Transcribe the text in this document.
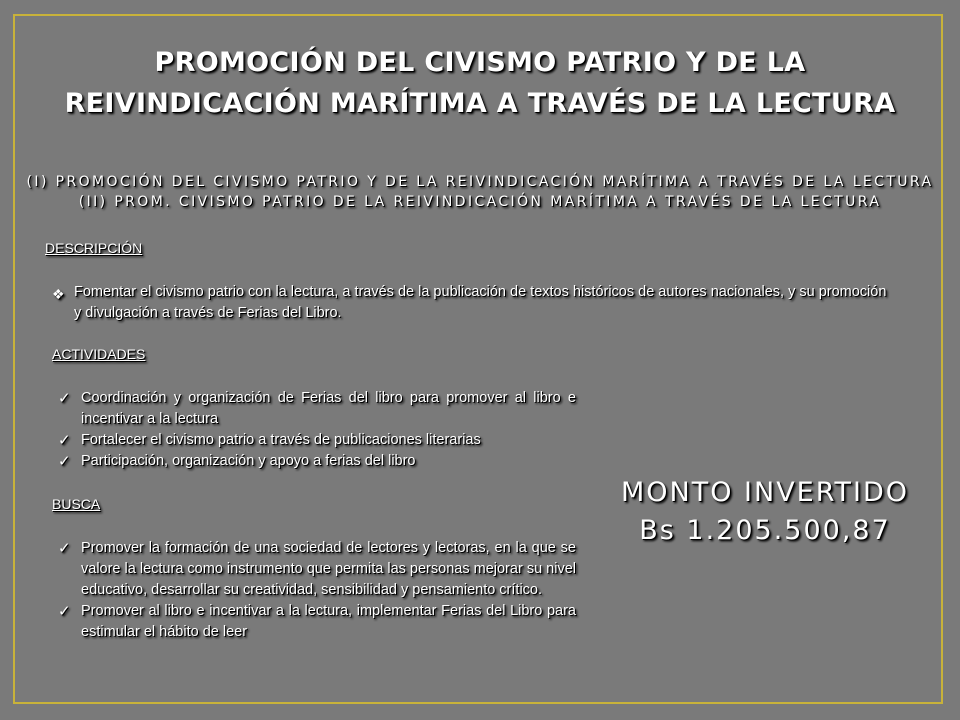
PROMOCIÓN DEL CIVISMO PATRIO Y DE LA
REIVINDICACIÓN MARÍTIMA A TRAVÉS DE LA LECTURA
(I) PROMOCIÓN DEL CIVISMO PATRIO Y DE LA REIVINDICACIÓN MARÍTIMA A TRAVÉS DE LA LECTURA
(II) PROM. CIVISMO PATRIO DE LA REIVINDICACIÓN MARÍTIMA A TRAVÉS DE LA LECTURA
DESCRIPCIÓN
❖ Fomentar el civismo patrio con la lectura, a través de la publicación de textos históricos de autores nacionales, y su promoción y divulgación a través de Ferias del Libro.
ACTIVIDADES
✓ Coordinación y organización de Ferias del libro para promover al libro e incentivar a la lectura
✓ Fortalecer el civismo patrio a través de publicaciones literarias
✓ Participación, organización y apoyo a ferias del libro
BUSCA
✓ Promover la formación de una sociedad de lectores y lectoras, en la que se valore la lectura como instrumento que permita las personas mejorar su nivel educativo, desarrollar su creatividad, sensibilidad y pensamiento crítico.
✓ Promover al libro e incentivar a la lectura, implementar Ferias del Libro para estimular el hábito de leer
MONTO INVERTIDO
Bs 1.205.500,87
